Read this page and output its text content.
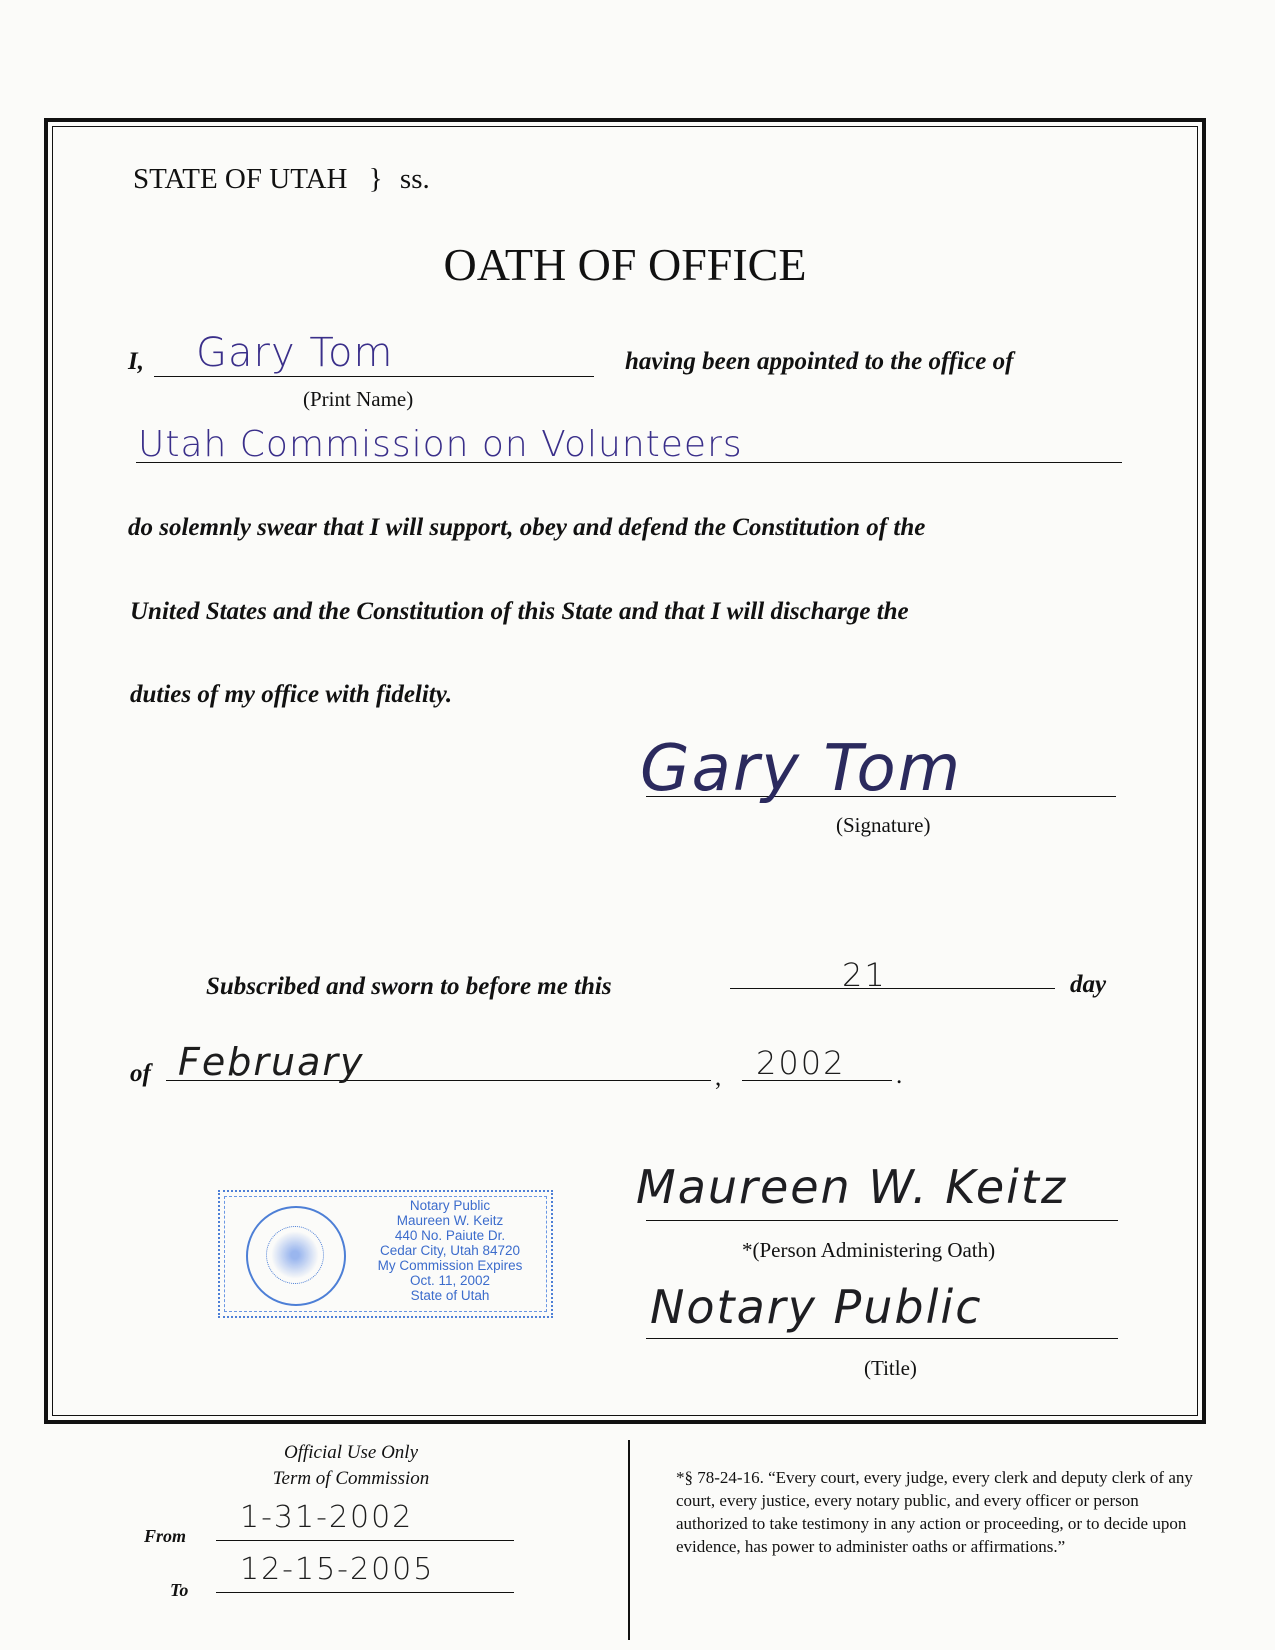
STATE OF UTAH } ss.
OATH OF OFFICE
I, Gary Tom
(Print Name)
having been appointed to the office of
Utah Commission on Volunteers
do solemnly swear that I will support, obey and defend the Constitution of the
United States and the Constitution of this State and that I will discharge the
duties of my office with fidelity.
Gary Tom
(Signature)
Subscribed and sworn to before me this	21	day
of February	, 2002 .
Notary Public
Maureen W. Keitz
440 No. Paiute Dr.
Cedar City, Utah 84720
My Commission Expires
Oct. 11, 2002
State of Utah
Maureen W. Keitz
*(Person Administering Oath)
Notary Public
(Title)
Official Use Only
Term of Commission
From
1-31-2002
To
12-15-2005
*§ 78-24-16. “Every court, every judge, every clerk and deputy clerk of any court, every justice, every notary public, and every officer or person authorized to take testimony in any action or proceeding, or to decide upon evidence, has power to administer oaths or affirmations.”
